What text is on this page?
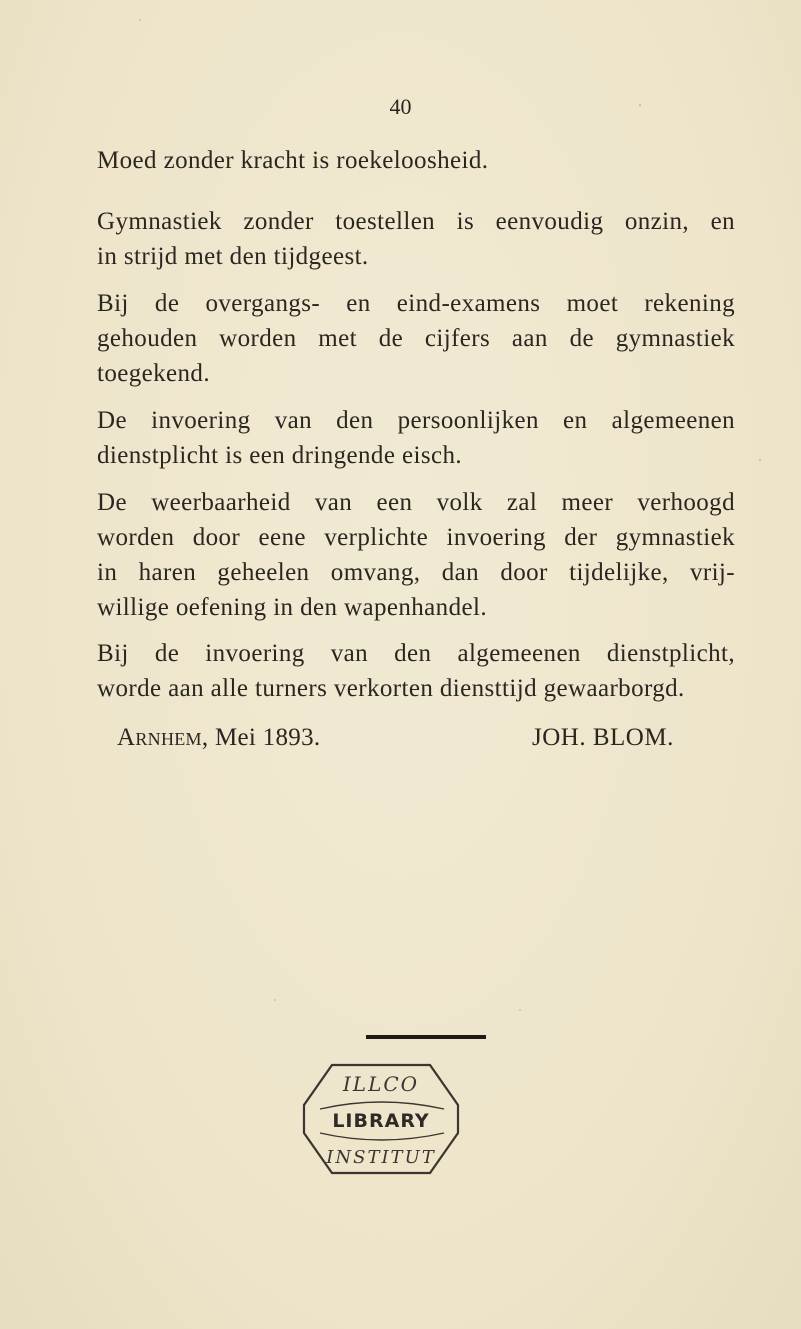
40

Moed zonder kracht is roekeloosheid.

Gymnastiek zonder toestellen is eenvoudig onzin, en
in strijd met den tijdgeest.

Bij de overgangs- en eind-examens moet rekening
gehouden worden met de cijfers aan de gymnastiek
toegekend.

De invoering van den persoonlijken en algemeenen
dienstplicht is een dringende eisch.

De weerbaarheid van een volk zal meer verhoogd
worden door eene verplichte invoering der gymnastiek
in haren geheelen omvang, dan door tijdelijke, vrij-
willige oefening in den wapenhandel.

Bij de invoering van den algemeenen dienstplicht,
worde aan alle turners verkorten diensttijd gewaarborgd.

Arnhem, Mei 1893.	JOH. BLOM.
ILLCO
LIBRARY
INSTITUT
